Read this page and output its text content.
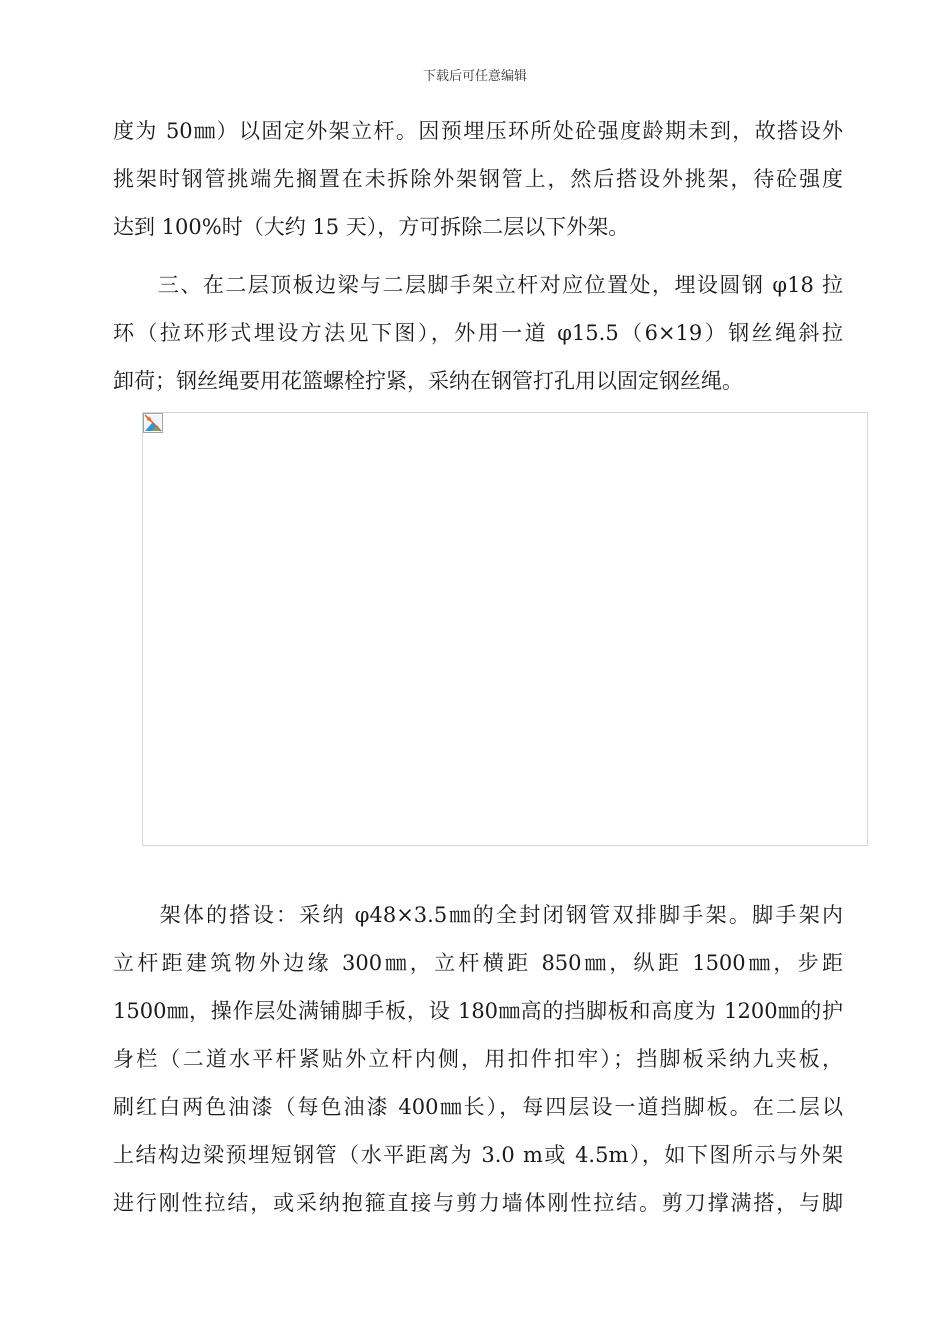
下载后可任意编辑
度为 50㎜）以固定外架立杆。因预埋压环所处砼强度龄期未到，故搭设外
挑架时钢管挑端先搁置在未拆除外架钢管上，然后搭设外挑架，待砼强度
达到 100%时（大约 15 天），方可拆除二层以下外架。
　　三、在二层顶板边梁与二层脚手架立杆对应位置处，埋设圆钢 φ18 拉
环（拉环形式埋设方法见下图），外用一道 φ15.5（6×19）钢丝绳斜拉
卸荷；钢丝绳要用花篮螺栓拧紧，采纳在钢管打孔用以固定钢丝绳。
　　架体的搭设：采纳 φ48×3.5㎜的全封闭钢管双排脚手架。脚手架内
立杆距建筑物外边缘 300㎜，立杆横距 850㎜，纵距 1500㎜，步距
1500㎜，操作层处满铺脚手板，设 180㎜高的挡脚板和高度为 1200㎜的护
身栏（二道水平杆紧贴外立杆内侧，用扣件扣牢）；挡脚板采纳九夹板，
刷红白两色油漆（每色油漆 400㎜长），每四层设一道挡脚板。在二层以
上结构边梁预埋短钢管（水平距离为 3.0 m或 4.5m），如下图所示与外架
进行刚性拉结，或采纳抱箍直接与剪力墙体刚性拉结。剪刀撑满搭，与脚
